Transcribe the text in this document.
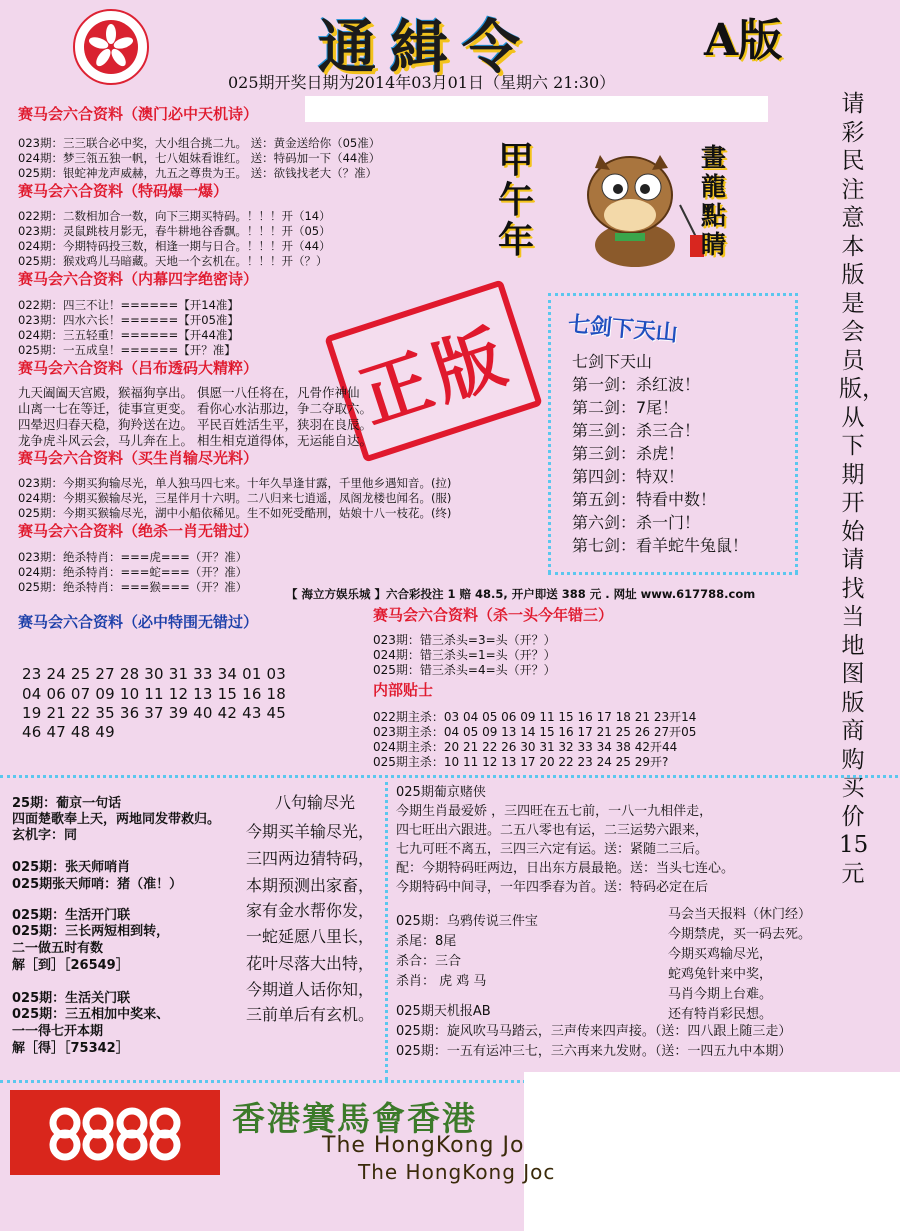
通緝令	A版
025期开奖日期为2014年03月01日（星期六 21:30）
赛马会六合资料（澳门必中天机诗）
023期：三三联合必中奖，大小组合挑二九。 送：黄金送给你（05准）
024期：梦三瓴五独一帆，七八姐妹看谁红。 送：特码加一下（44准）
025期：银蛇神龙声威赫，九五之尊贵为王。 送：欲钱找老大（？准）
赛马会六合资料（特码爆一爆）
022期：二数相加合一数，向下三期买特码。！！！开（14）
023期：灵鼠跳枝月影无，春牛耕地谷香飘。！！！开（05）
024期：今期特码投三数，相逢一期与日合。！！！开（44）
025期：猴戏鸡儿马暗藏。天地一个玄机在。！！！开（？）
赛马会六合资料（内幕四字绝密诗）
022期：四三不让！======【开14准】
023期：四水六长！======【开05准】
024期：三五轻重！======【开44准】
025期：一五成皇！======【开？准】 正版
赛马会六合资料（吕布透码大精粹）
九天阖阖天宫殿，猴福狗享出。 俱愿一八任将在，凡骨作神仙
山离一七在等迁，徒事宣更变。 看你心水沾那边，争二夺取六。
四晕迟归春天稳，狗羚送在边。 平民百姓活生平，狭羽在良辰。
龙争虎斗风云会，马儿奔在上。 相生相克道得体，无运能自达。
赛马会六合资料（买生肖输尽光料）
023期：今期买狗输尽光，单人独马四七来。十年久旱逢甘露，千里他乡遇知音。(拉)
024期：今期买猴输尽光，三星伴月十六明。二八归来七逍遥，凤阁龙楼也闻名。(服)
025期：今期买猴输尽光，湖中小船依稀见。生不如死受酷刑，姑娘十八一枝花。(终)
赛马会六合资料（绝杀一肖无错过）
023期：绝杀特肖：===虎===（开？准）
024期：绝杀特肖：===蛇===（开？准）
025期：绝杀特肖：===猴===（开？准）
甲午年
畫龍點睛
七剑下天山
七剑下天山
第一剑：杀红波！
第二剑：7尾！
第三剑：杀三合！
第三剑：杀虎！
第四剑：特双！
第五剑：特看中数！
第六剑：杀一门！
第七剑：看羊蛇牛兔鼠！
请彩民注意本版是会员版，从下期开始请找当地图版商购买价15元
【 海立方娱乐城 】六合彩投注 1 赔 48.5, 开户即送 388 元 . 网址 www.617788.com
赛马会六合资料（必中特围无错过）
23 24 25 27 28 30 31 33 34 01 03
04 06 07 09 10 11 12 13 15 16 18
19 21 22 35 36 37 39 40 42 43 45
46 47 48 49
赛马会六合资料（杀一头今年错三）
023期：错三杀头=3=头（开？）
024期：错三杀头=1=头（开？）
025期：错三杀头=4=头（开？）
内部贴士
022期主杀：03 04 05 06 09 11 15 16 17 18 21 23开14
023期主杀：04 05 09 13 14 15 16 17 21 25 26 27开05
024期主杀：20 21 22 26 30 31 32 33 34 38 42开44
025期主杀：10 11 12 13 17 20 22 23 24 25 29开?
25期：葡京一句话
四面楚歌奉上天，两地同发带救归。
玄机字：同
025期：张天师哨肖
025期张天师哨：猪（准！）
025期：生活开门联
025期：三长两短相到转，
二一做五时有数
解［到］［26549］
025期：生活关门联
025期：三五相加中奖来、
一一得七开本期
解［得］［75342］
八句输尽光
今期买羊输尽光，
三四两边猜特码，
本期预测出家畜，
家有金水帮你发，
一蛇延愿八里长，
花叶尽落大出特，
今期道人话你知，
三前单后有玄机。
025期葡京赌侠
今期生肖最爱娇 ，三四旺在五七前，一八一九相伴走，
四七旺出六跟进。二五八零也有运，二三运势六跟来，
七九可旺不离五，三四三六定有运。送：紧随二三后。
配：今期特码旺两边，日出东方晨最艳。送：当头七连心。
今期特码中间寻，一年四季春为首。送：特码必定在后
025期：乌鸦传说三件宝
杀尾：8尾
杀合：三合
杀肖： 虎 鸡 马
马会当天报料（休门经）
今期禁虎，买一码去死。
今期买鸡输尽光，
蛇鸡兔针来中奖，
马肖今期上台难。
还有特肖彩民想。
025期天机报AB
025期：旋风吹马马踏云，三声传来四声接。（送：四八跟上随三走）
025期：一五有运冲三七，三六再来九发财。（送：一四五九中本期）
香港賽馬會香港
The HongKong Jo
The HongKong Joc
